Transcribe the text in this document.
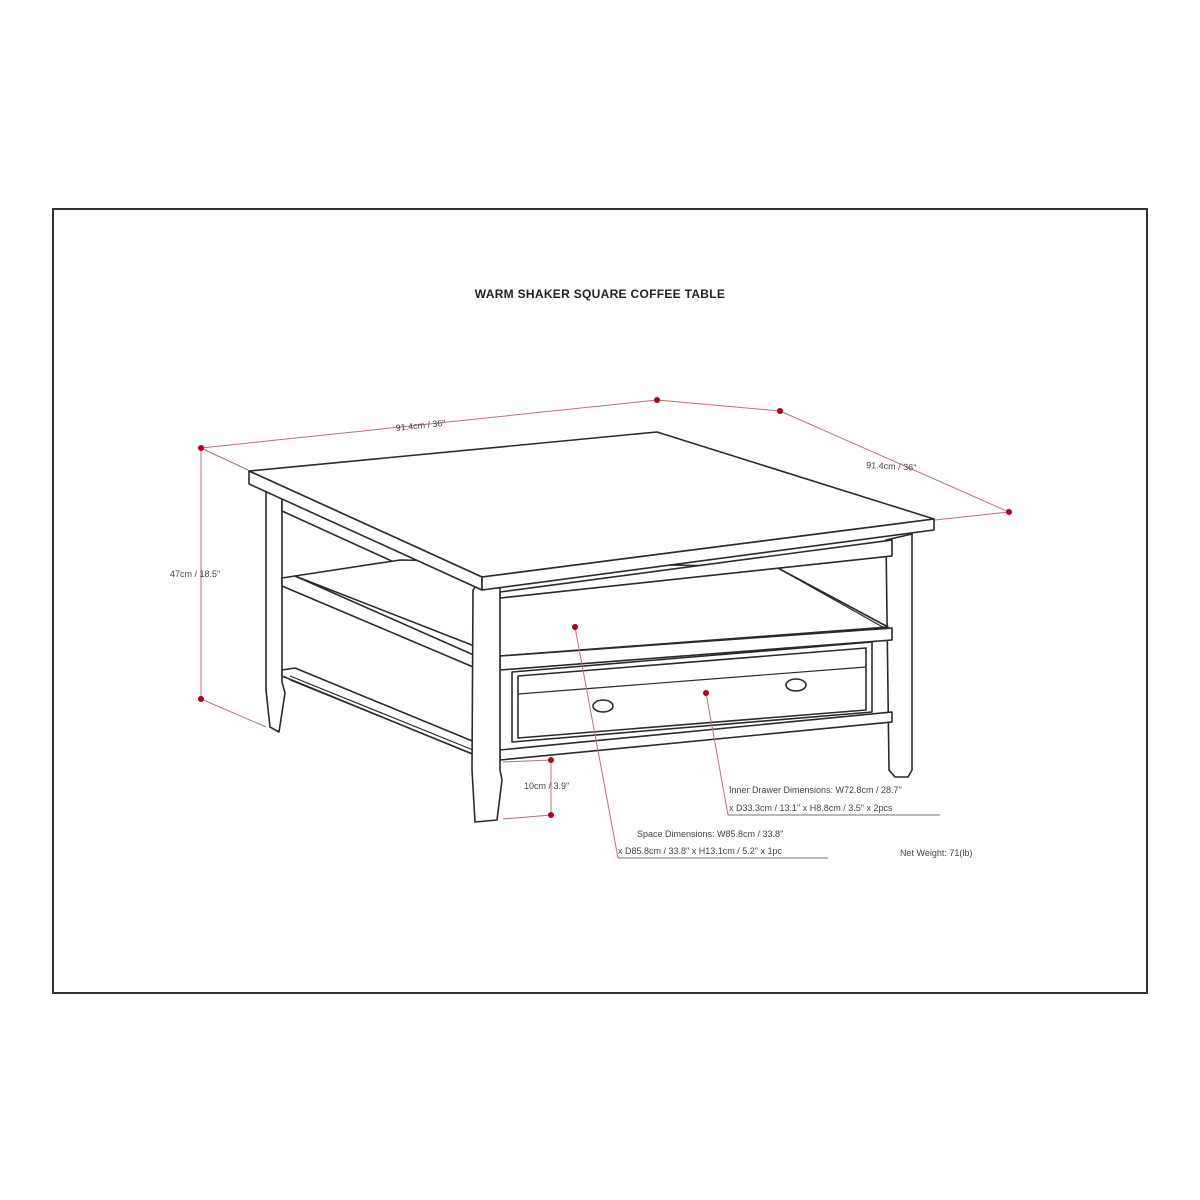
WARM SHAKER SQUARE COFFEE TABLE
91.4cm / 36"
91.4cm / 36"
47cm / 18.5"
10cm / 3.9"	Inner Drawer Dimensions: W72.8cm / 28.7"
x D33.3cm / 13.1" x H8.8cm / 3.5" x 2pcs
Space Dimensions: W85.8cm / 33.8"
x D85.8cm / 33.8" x H13.1cm / 5.2" x 1pc	Net Weight: 71(lb)
